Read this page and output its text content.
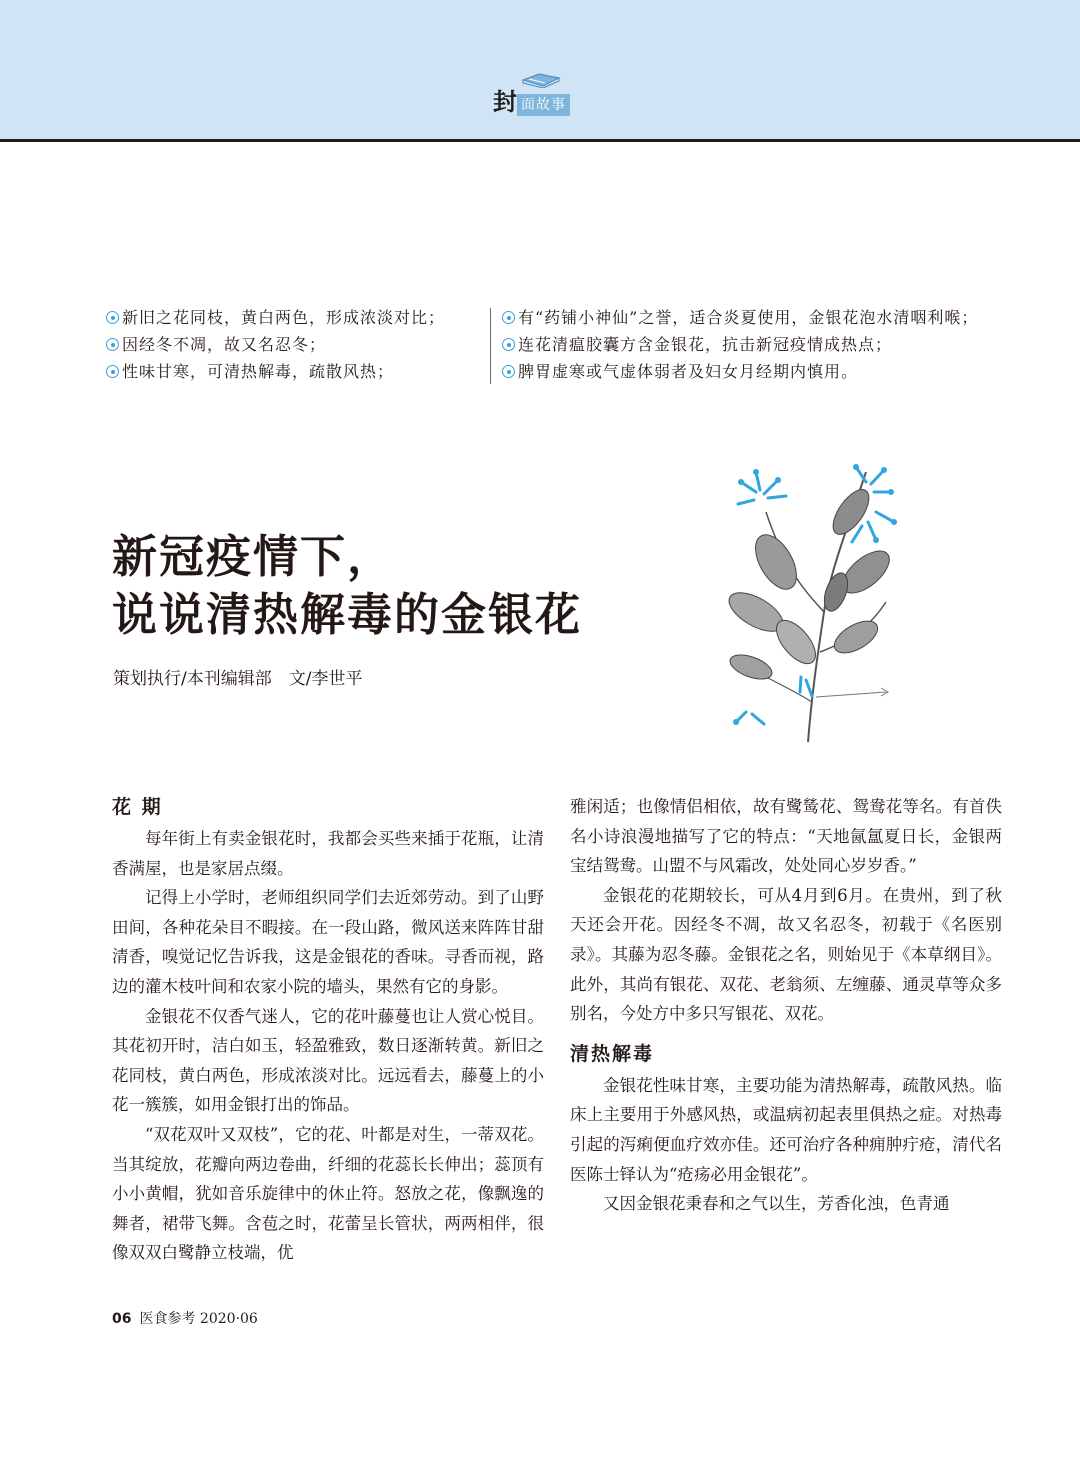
封 面故事
新旧之花同枝，黄白两色，形成浓淡对比；
因经冬不凋，故又名忍冬；
性味甘寒，可清热解毒，疏散风热；
有“药铺小神仙”之誉，适合炎夏使用，金银花泡水清咽利喉；
连花清瘟胶囊方含金银花，抗击新冠疫情成热点；
脾胃虚寒或气虚体弱者及妇女月经期内慎用。
新冠疫情下，
说说清热解毒的金银花
策划执行/本刊编辑部　文/李世平
花 期

每年街上有卖金银花时，我都会买些来插于花瓶，让清香满屋，也是家居点缀。

记得上小学时，老师组织同学们去近郊劳动。到了山野田间，各种花朵目不暇接。在一段山路，微风送来阵阵甘甜清香，嗅觉记忆告诉我，这是金银花的香味。寻香而视，路边的灌木枝叶间和农家小院的墙头，果然有它的身影。

金银花不仅香气迷人，它的花叶藤蔓也让人赏心悦目。其花初开时，洁白如玉，轻盈雅致，数日逐渐转黄。新旧之花同枝，黄白两色，形成浓淡对比。远远看去，藤蔓上的小花一簇簇，如用金银打出的饰品。

“双花双叶又双枝”，它的花、叶都是对生，一蒂双花。当其绽放，花瓣向两边卷曲，纤细的花蕊长长伸出；蕊顶有小小黄帽，犹如音乐旋律中的休止符。怒放之花，像飘逸的舞者，裙带飞舞。含苞之时，花蕾呈长管状，两两相伴，很像双双白鹭静立枝端，优

雅闲适；也像情侣相依，故有鹭鸶花、鸳鸯花等名。有首佚名小诗浪漫地描写了它的特点：“天地氤氲夏日长，金银两宝结鸳鸯。山盟不与风霜改，处处同心岁岁香。”

金银花的花期较长，可从4月到6月。在贵州，到了秋天还会开花。因经冬不凋，故又名忍冬，初载于《名医别录》。其藤为忍冬藤。金银花之名，则始见于《本草纲目》。此外，其尚有银花、双花、老翁须、左缠藤、通灵草等众多别名，今处方中多只写银花、双花。

清热解毒

金银花性味甘寒，主要功能为清热解毒，疏散风热。临床上主要用于外感风热，或温病初起表里俱热之症。对热毒引起的泻痢便血疗效亦佳。还可治疗各种痈肿疔疮，清代名医陈士铎认为“疮疡必用金银花”。

又因金银花秉春和之气以生，芳香化浊，色青通

06 医食参考 2020·06
